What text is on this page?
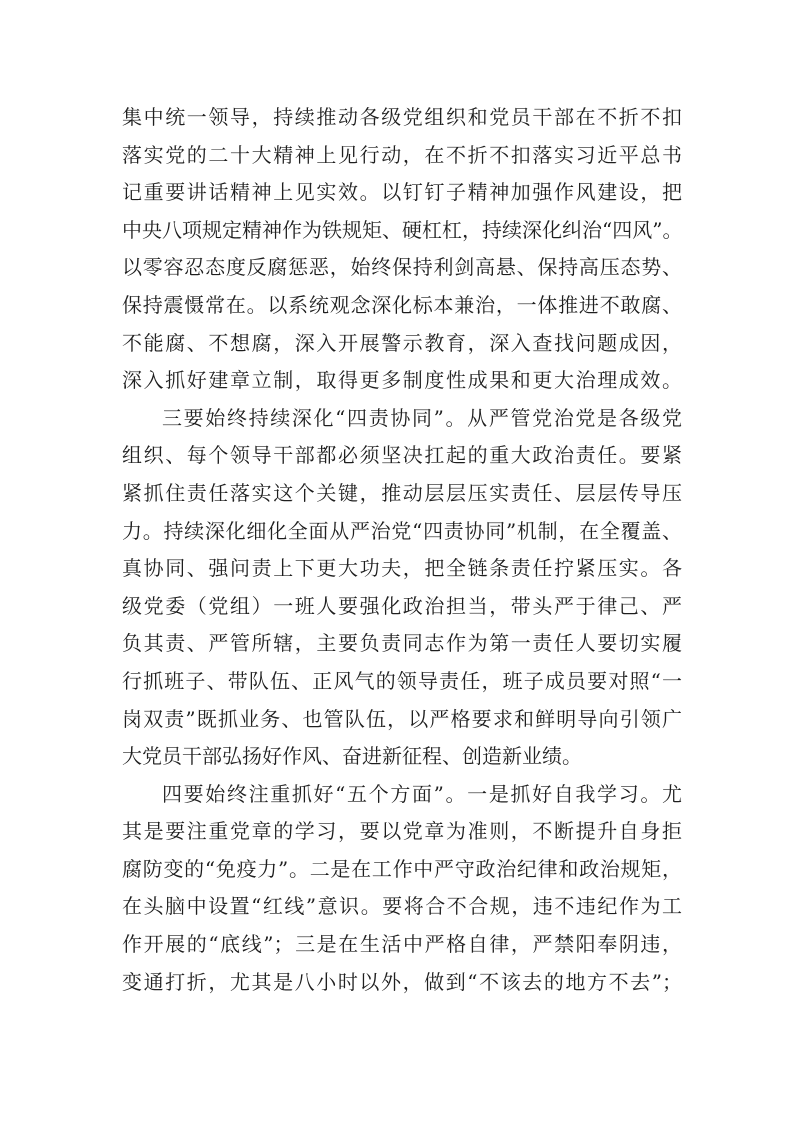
集中统一领导，持续推动各级党组织和党员干部在不折不扣
落实党的二十大精神上见行动，在不折不扣落实习近平总书
记重要讲话精神上见实效。以钉钉子精神加强作风建设，把
中央八项规定精神作为铁规矩、硬杠杠，持续深化纠治“四风”。
以零容忍态度反腐惩恶，始终保持利剑高悬、保持高压态势、
保持震慑常在。以系统观念深化标本兼治，一体推进不敢腐、
不能腐、不想腐，深入开展警示教育，深入查找问题成因，
深入抓好建章立制，取得更多制度性成果和更大治理成效。
三要始终持续深化“四责协同”。从严管党治党是各级党
组织、每个领导干部都必须坚决扛起的重大政治责任。要紧
紧抓住责任落实这个关键，推动层层压实责任、层层传导压
力。持续深化细化全面从严治党“四责协同”机制，在全覆盖、
真协同、强问责上下更大功夫，把全链条责任拧紧压实。各
级党委（党组）一班人要强化政治担当，带头严于律己、严
负其责、严管所辖，主要负责同志作为第一责任人要切实履
行抓班子、带队伍、正风气的领导责任，班子成员要对照“一
岗双责”既抓业务、也管队伍，以严格要求和鲜明导向引领广
大党员干部弘扬好作风、奋进新征程、创造新业绩。
四要始终注重抓好“五个方面”。一是抓好自我学习。尤
其是要注重党章的学习，要以党章为准则，不断提升自身拒
腐防变的“免疫力”。二是在工作中严守政治纪律和政治规矩，
在头脑中设置“红线”意识。要将合不合规，违不违纪作为工
作开展的“底线”；三是在生活中严格自律，严禁阳奉阴违，
变通打折，尤其是八小时以外，做到“不该去的地方不去”；
